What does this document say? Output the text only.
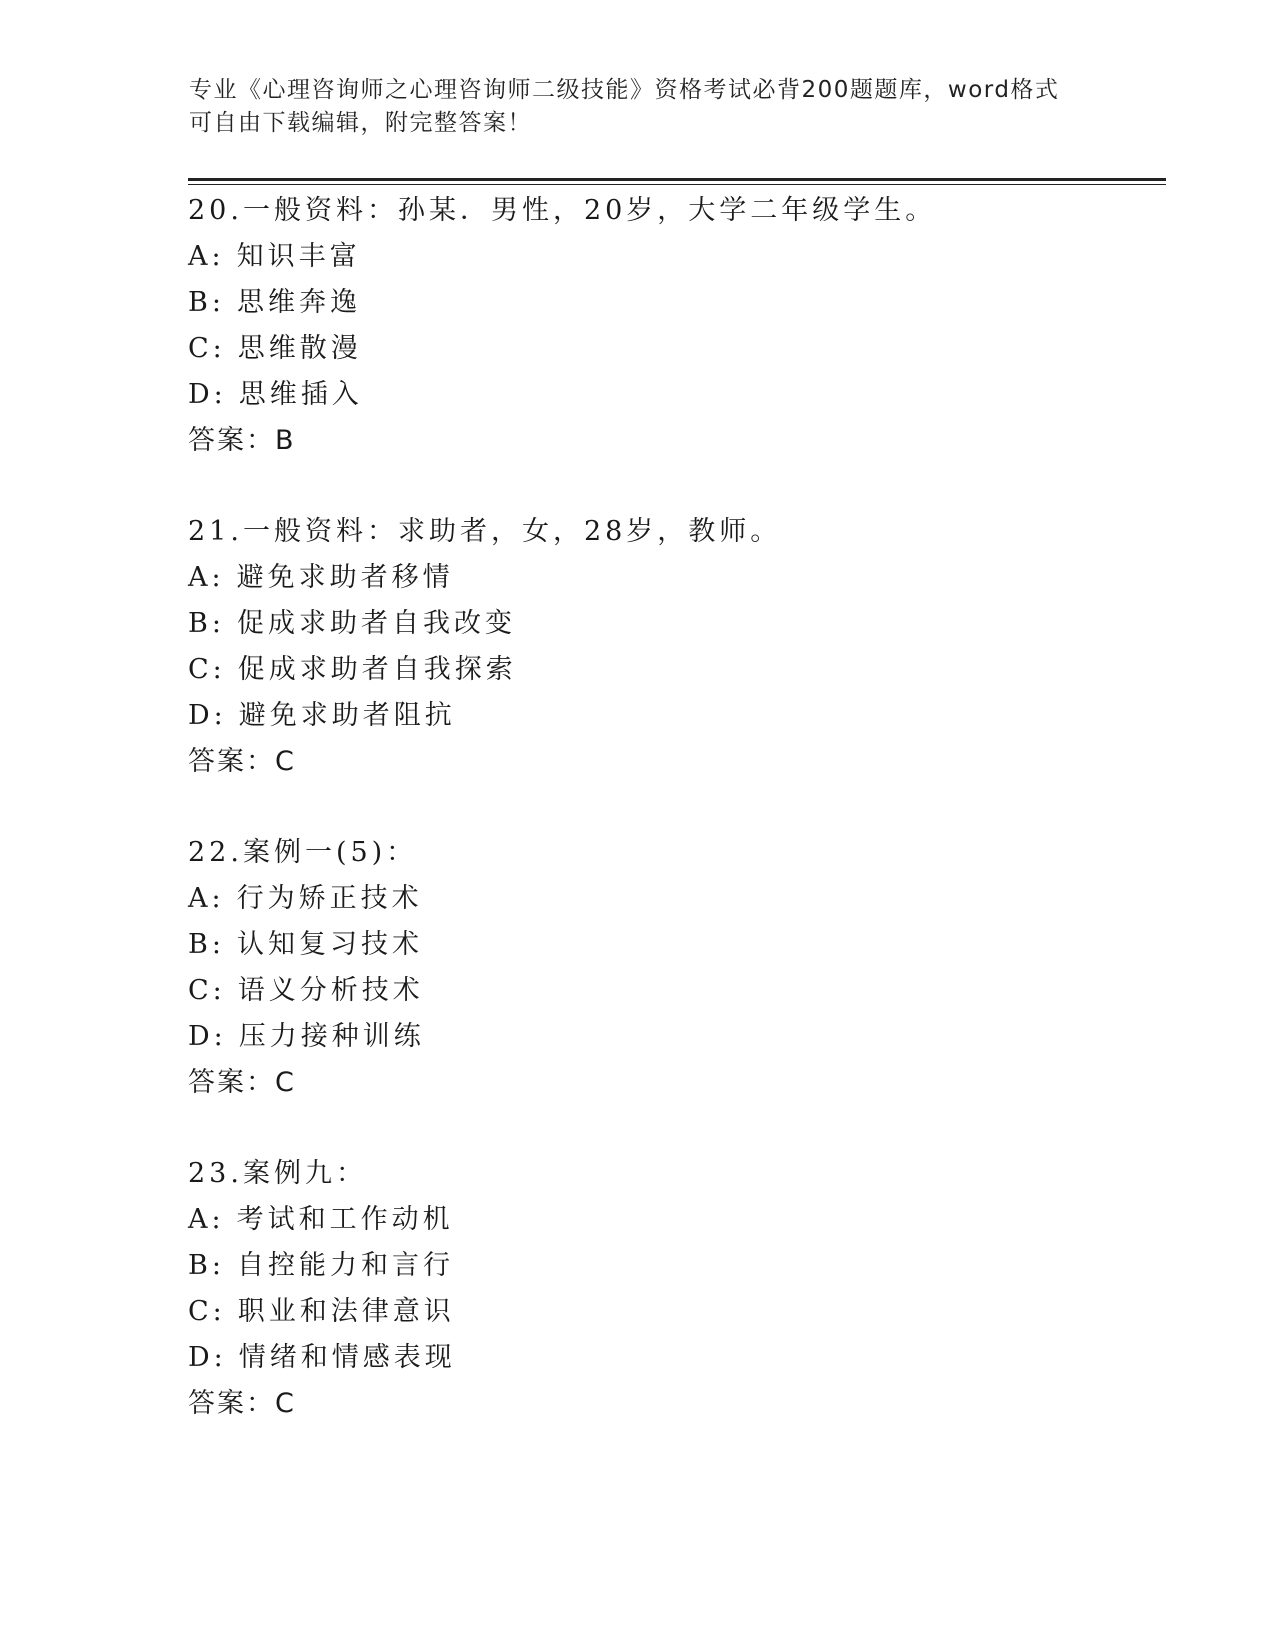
专业《心理咨询师之心理咨询师二级技能》资格考试必背200题题库，word格式
可自由下载编辑，附完整答案！
20.一般资料：孙某．男性，20岁，大学二年级学生。
A: 知识丰富
B: 思维奔逸
C: 思维散漫
D: 思维插入
答案：B
21.一般资料：求助者，女，28岁，教师。
A: 避免求助者移情
B: 促成求助者自我改变
C: 促成求助者自我探索
D: 避免求助者阻抗
答案：C
22.案例一(5)：
A: 行为矫正技术
B: 认知复习技术
C: 语义分析技术
D: 压力接种训练
答案：C
23.案例九：
A: 考试和工作动机
B: 自控能力和言行
C: 职业和法律意识
D: 情绪和情感表现
答案：C
